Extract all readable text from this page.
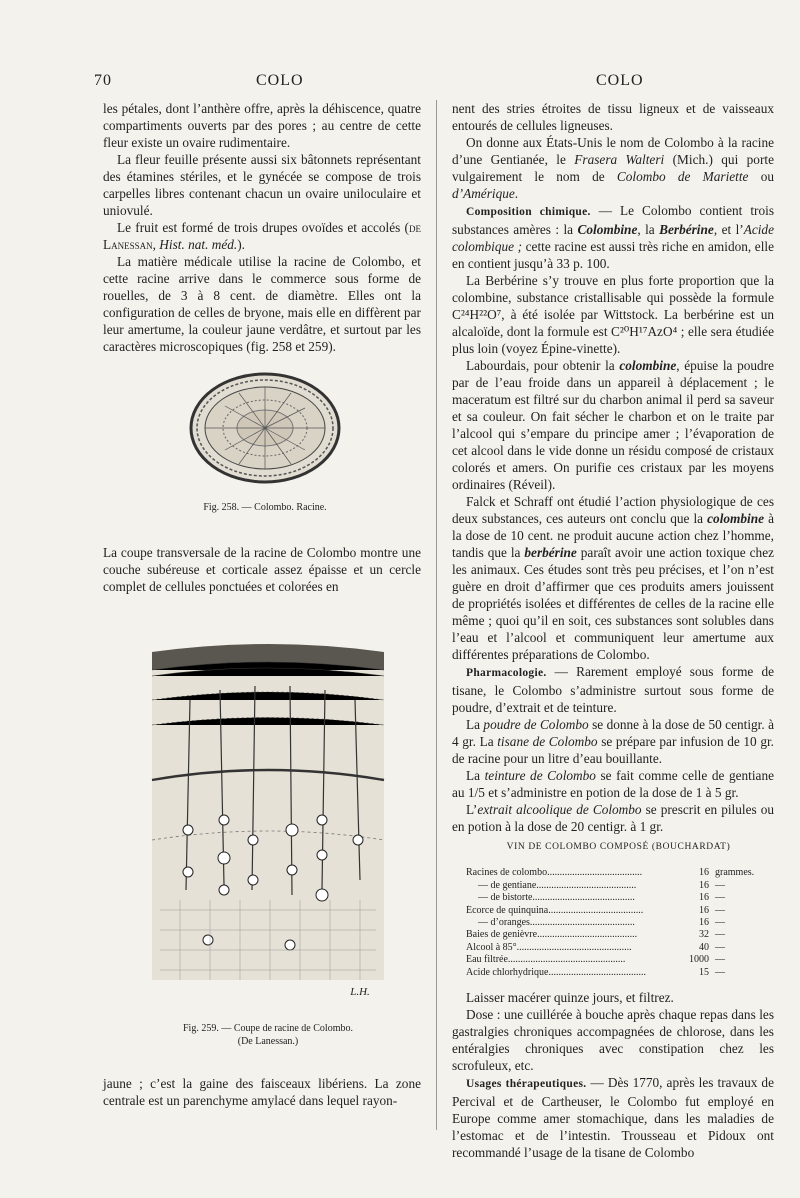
70	COLO	COLO

les pétales, dont l’anthère offre, après la déhiscence, quatre compartiments ouverts par des pores ; au centre de cette fleur existe un ovaire rudimentaire.

La fleur feuille présente aussi six bâtonnets représentant des étamines stériles, et le gynécée se compose de trois carpelles libres contenant chacun un ovaire uniloculaire et uniovulé.

Le fruit est formé de trois drupes ovoïdes et accolés (de Lanessan, Hist. nat. méd.).

La matière médicale utilise la racine de Colombo, et cette racine arrive dans le commerce sous forme de rouelles, de 3 à 8 cent. de diamètre. Elles ont la configuration de celles de bryone, mais elle en diffèrent par leur amertume, la couleur jaune verdâtre, et surtout par les caractères microscopiques (fig. 258 et 259).

Fig. 258. — Colombo. Racine.
La coupe transversale de la racine de Colombo montre une couche subéreuse et corticale assez épaisse et un cercle complet de cellules ponctuées et colorées en
L.H.
Fig. 259. — Coupe de racine de Colombo.
(De Lanessan.)
jaune ; c’est la gaine des faisceaux libériens. La zone centrale est un parenchyme amylacé dans lequel rayon-

nent des stries étroites de tissu ligneux et de vaisseaux entourés de cellules ligneuses.

On donne aux États-Unis le nom de Colombo à la racine d’une Gentianée, le Frasera Walteri (Mich.) qui porte vulgairement le nom de Colombo de Mariette ou d’Amérique.

Composition chimique. — Le Colombo contient trois substances amères : la Colombine, la Berbérine, et l’Acide colombique ; cette racine est aussi très riche en amidon, elle en contient jusqu’à 33 p. 100.

La Berbérine s’y trouve en plus forte proportion que la colombine, substance cristallisable qui possède la formule C²⁴H²²O⁷, à été isolée par Wittstock. La berbérine est un alcaloïde, dont la formule est C²⁰H¹⁷AzO⁴ ; elle sera étudiée plus loin (voyez Épine-vinette).

Labourdais, pour obtenir la colombine, épuise la poudre par de l’eau froide dans un appareil à déplacement ; le maceratum est filtré sur du charbon animal il perd sa saveur et sa couleur. On fait sécher le charbon et on le traite par l’alcool qui s’empare du principe amer ; l’évaporation de cet alcool dans le vide donne un résidu composé de cristaux colorés et amers. On purifie ces cristaux par les moyens ordinaires (Réveil).

Falck et Schraff ont étudié l’action physiologique de ces deux substances, ces auteurs ont conclu que la colombine à la dose de 10 cent. ne produit aucune action chez l’homme, tandis que la berbérine paraît avoir une action toxique chez les animaux. Ces études sont très peu précises, et l’on n’est guère en droit d’affirmer que ces produits amers jouissent de propriétés isolées et différentes de celles de la racine elle même ; quoi qu’il en soit, ces substances sont solubles dans l’eau et l’alcool et communiquent leur amertume aux différentes préparations de Colombo.

Pharmacologie. — Rarement employé sous forme de tisane, le Colombo s’administre surtout sous forme de poudre, d’extrait et de teinture.

La poudre de Colombo se donne à la dose de 50 centigr. à 4 gr. La tisane de Colombo se prépare par infusion de 10 gr. de racine pour un litre d’eau bouillante.

La teinture de Colombo se fait comme celle de gentiane au 1/5 et s’administre en potion de la dose de 1 à 5 gr.

L’extrait alcoolique de Colombo se prescrit en pilules ou en potion à la dose de 20 centigr. à 1 gr.

VIN DE COLOMBO COMPOSÉ (BOUCHARDAT)
Racines de colombo......................................	16 grammes.
— de gentiane........................................	16 —
— de bistorte.........................................	16 —
Écorce de quinquina......................................	16 —
— d’oranges..........................................	16 —
Baies de genièvre........................................	32 —
Alcool à 85°..............................................	40 —
Eau filtrée...............................................	1000 —
Acide chlorhydrique.......................................	15 —

Laisser macérer quinze jours, et filtrez.

Dose : une cuillérée à bouche après chaque repas dans les gastralgies chroniques accompagnées de chlorose, dans les entéralgies chroniques avec constipation chez les scrofuleux, etc.

Usages thérapeutiques. — Dès 1770, après les travaux de Percival et de Cartheuser, le Colombo fut employé en Europe comme amer stomachique, dans les maladies de l’estomac et de l’intestin. Trousseau et Pidoux ont recommandé l’usage de la tisane de Colombo
